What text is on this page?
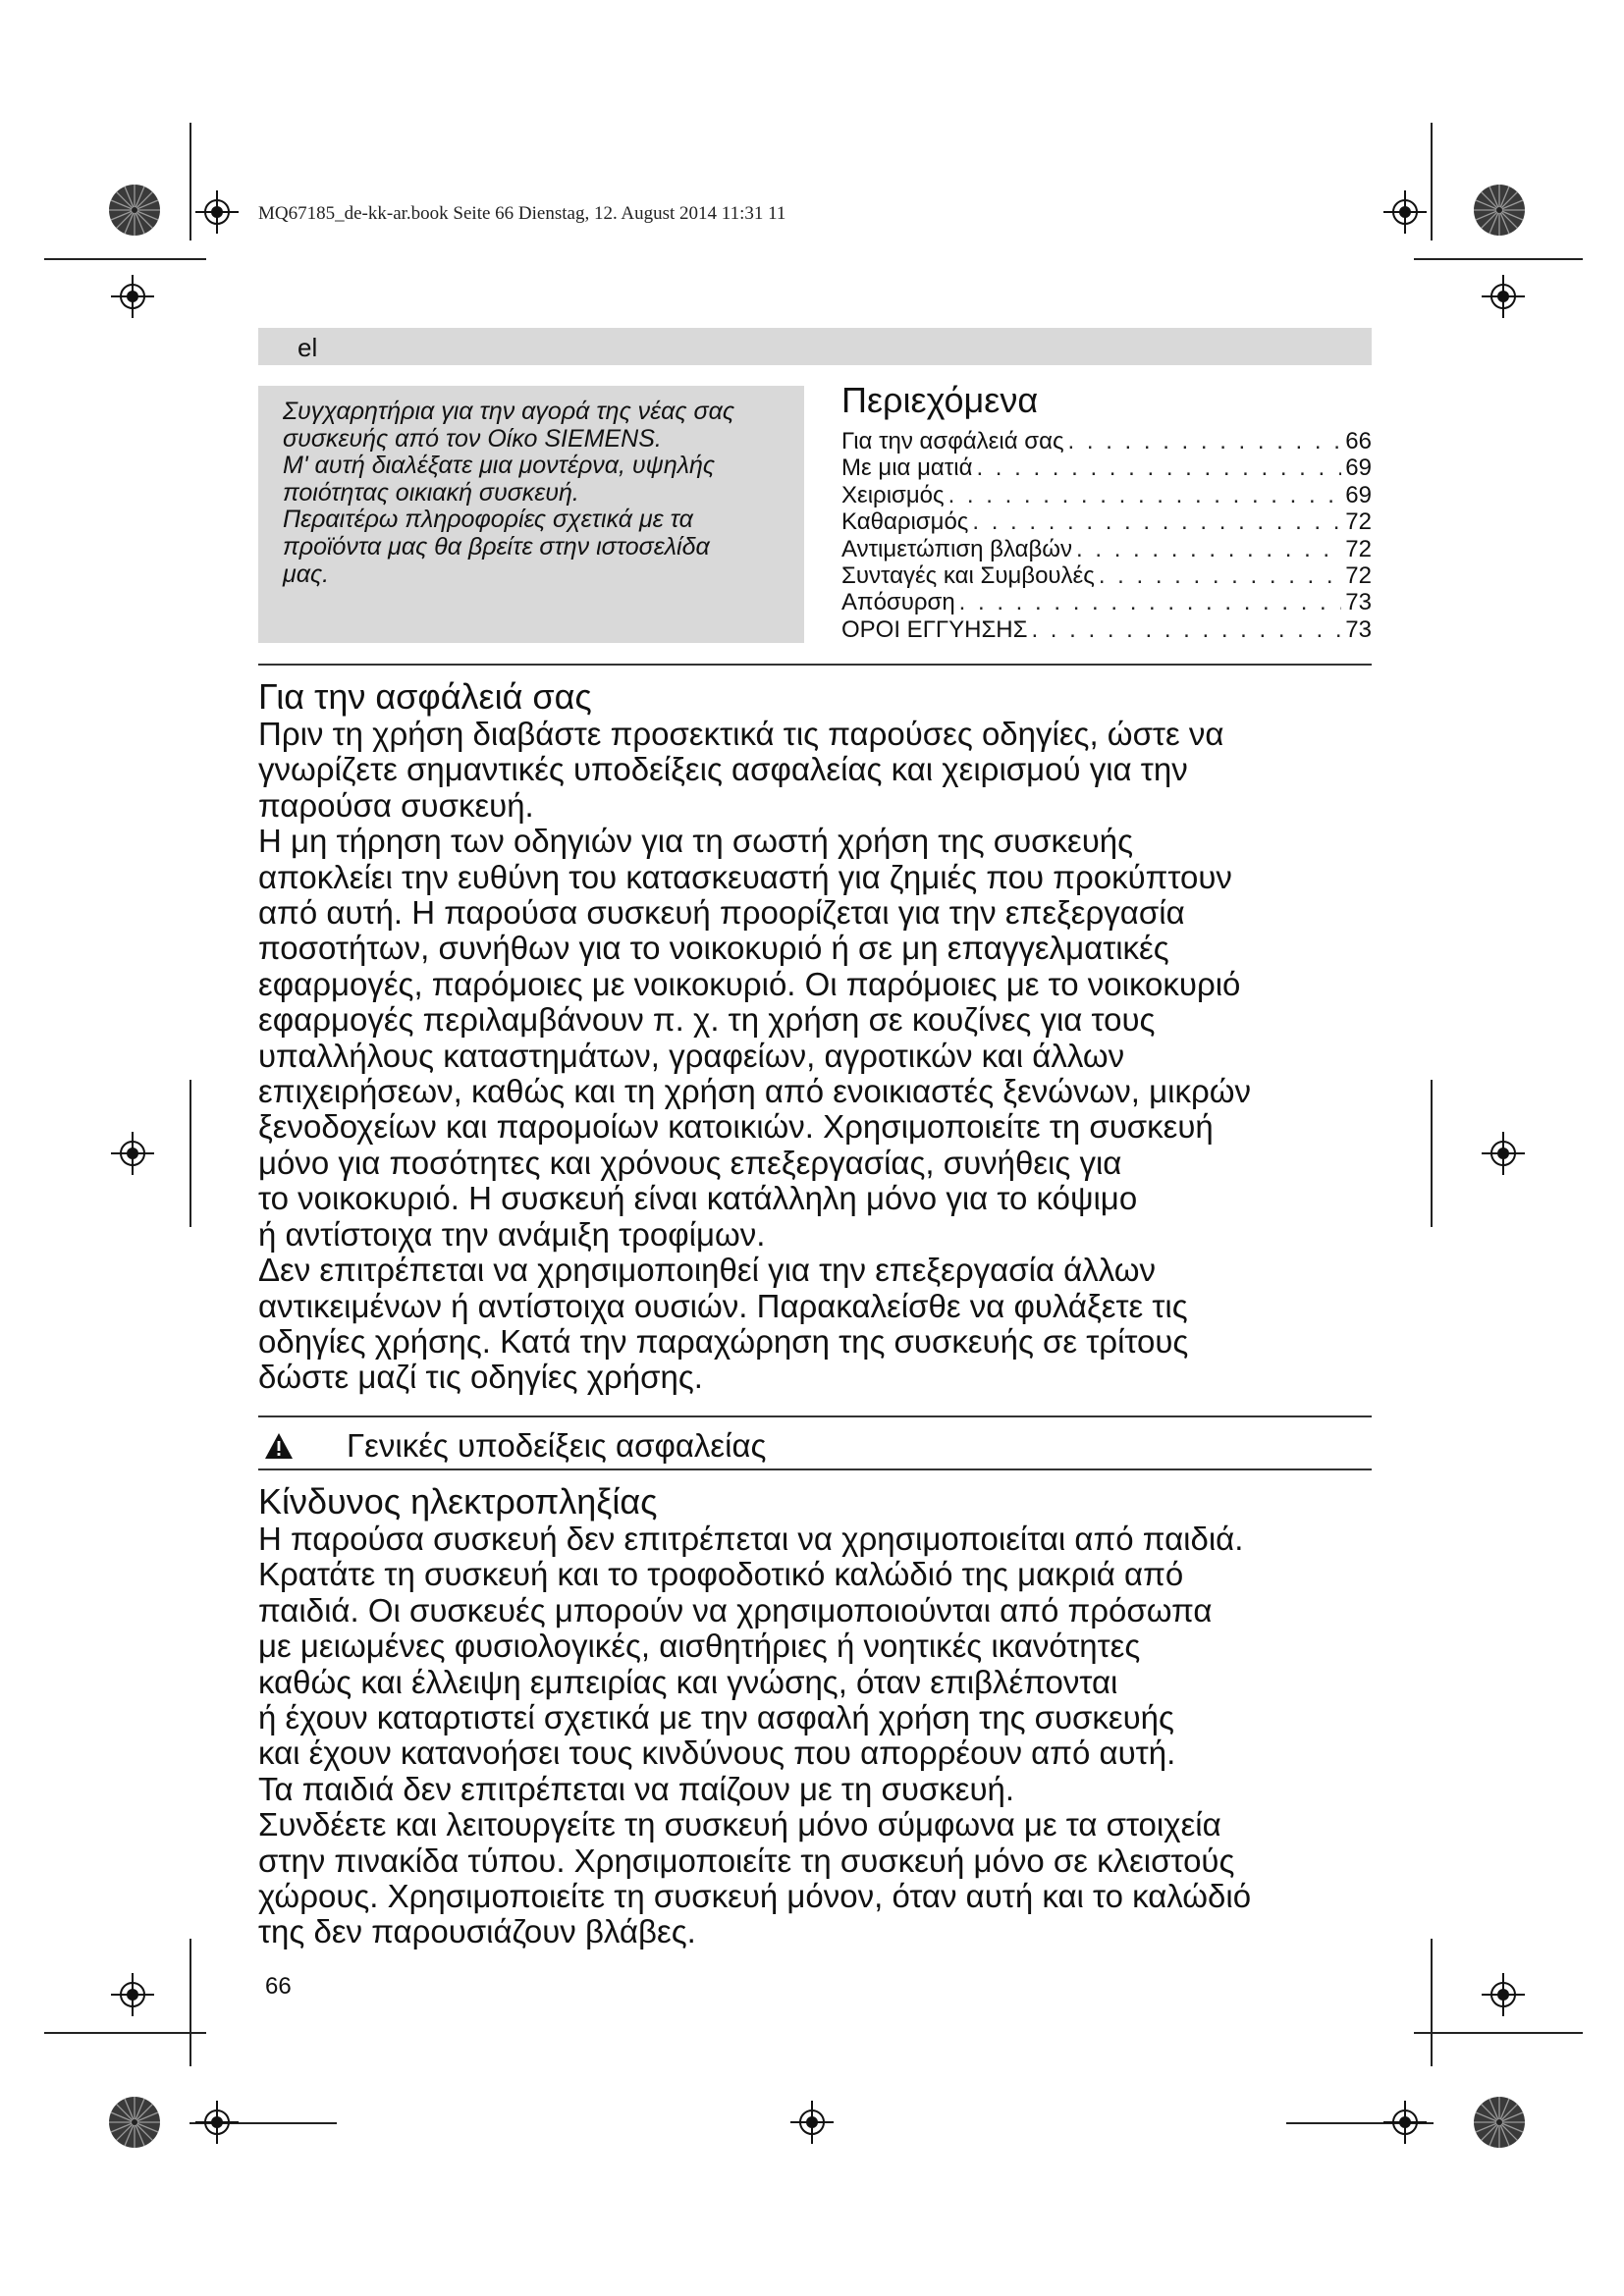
MQ67185_de-kk-ar.book Seite 66 Dienstag, 12. August 2014 11:31 11
el

Συγχαρητήρια για την αγορά της νέας σας

συσκευής από τον Οίκο SIEMENS.

Μ' αυτή διαλέξατε μια μοντέρνα, υψηλής

ποιότητας οικιακή συσκευή.

Περαιτέρω πληροφορίες σχετικά με τα

προϊόντα μας θα βρείτε στην ιστοσελίδα

μας.

Περιεχόμενα
Για την ασφάλειά σας . . .	66
Με μια ματιά . . .	69
Χειρισμός . . .	69
Καθαρισμός . . .	72
Αντιμετώπιση βλαβών . . .	72
Συνταγές και Συμβουλές . . .	72
Απόσυρση . . .	73
ΟΡΟΙ ΕΓΓΥΗΣΗΣ . . .	73
Για την ασφάλειά σας

Πριν τη χρήση διαβάστε προσεκτικά τις παρούσες οδηγίες, ώστε να

γνωρίζετε σημαντικές υποδείξεις ασφαλείας και χειρισμού για την

παρούσα συσκευή.

Η μη τήρηση των οδηγιών για τη σωστή χρήση της συσκευής

αποκλείει την ευθύνη του κατασκευαστή για ζημιές που προκύπτουν

από αυτή. Η παρούσα συσκευή προορίζεται για την επεξεργασία

ποσοτήτων, συνήθων για το νοικοκυριό ή σε μη επαγγελματικές

εφαρμογές, παρόμοιες με νοικοκυριό. Οι παρόμοιες με το νοικοκυριό

εφαρμογές περιλαμβάνουν π. χ. τη χρήση σε κουζίνες για τους

υπαλλήλους καταστημάτων, γραφείων, αγροτικών και άλλων

επιχειρήσεων, καθώς και τη χρήση από ενοικιαστές ξενώνων, μικρών

ξενοδοχείων και παρομοίων κατοικιών. Χρησιμοποιείτε τη συσκευή

μόνο για ποσότητες και χρόνους επεξεργασίας, συνήθεις για

το νοικοκυριό. Η συσκευή είναι κατάλληλη μόνο για το κόψιμο

ή αντίστοιχα την ανάμιξη τροφίμων.

Δεν επιτρέπεται να χρησιμοποιηθεί για την επεξεργασία άλλων

αντικειμένων ή αντίστοιχα ουσιών. Παρακαλείσθε να φυλάξετε τις

οδηγίες χρήσης. Κατά την παραχώρηση της συσκευής σε τρίτους

δώστε μαζί τις οδηγίες χρήσης.

Γενικές υποδείξεις ασφαλείας
Κίνδυνος ηλεκτροπληξίας

Η παρούσα συσκευή δεν επιτρέπεται να χρησιμοποιείται από παιδιά.

Κρατάτε τη συσκευή και το τροφοδοτικό καλώδιό της μακριά από

παιδιά. Οι συσκευές μπορούν να χρησιμοποιούνται από πρόσωπα

με μειωμένες φυσιολογικές, αισθητήριες ή νοητικές ικανότητες

καθώς και έλλειψη εμπειρίας και γνώσης, όταν επιβλέπονται

ή έχουν καταρτιστεί σχετικά με την ασφαλή χρήση της συσκευής

και έχουν κατανοήσει τους κινδύνους που απορρέουν από αυτή.

Τα παιδιά δεν επιτρέπεται να παίζουν με τη συσκευή.

Συνδέετε και λειτουργείτε τη συσκευή μόνο σύμφωνα με τα στοιχεία

στην πινακίδα τύπου. Χρησιμοποιείτε τη συσκευή μόνο σε κλειστούς

χώρους. Χρησιμοποιείτε τη συσκευή μόνον, όταν αυτή και το καλώδιό

της δεν παρουσιάζουν βλάβες.

66
